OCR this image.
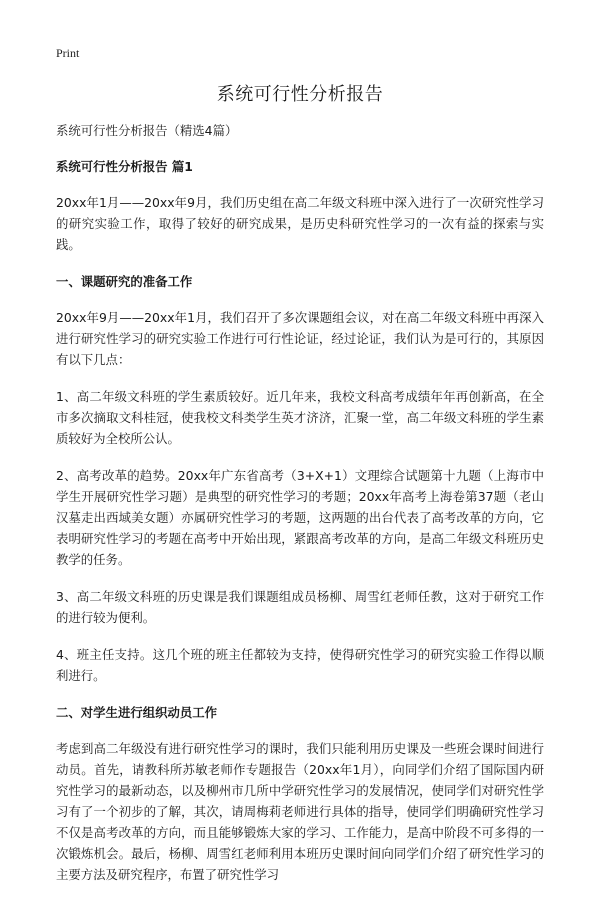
Print
系统可行性分析报告

系统可行性分析报告（精选4篇）

系统可行性分析报告 篇1

20xx年1月——20xx年9月，我们历史组在高二年级文科班中深入进行了一次研究性学习的研究实验工作，取得了较好的研究成果，是历史科研究性学习的一次有益的探索与实践。

一、课题研究的准备工作

20xx年9月——20xx年1月，我们召开了多次课题组会议，对在高二年级文科班中再深入进行研究性学习的研究实验工作进行可行性论证，经过论证，我们认为是可行的，其原因有以下几点：

1、高二年级文科班的学生素质较好。近几年来，我校文科高考成绩年年再创新高，在全市多次摘取文科桂冠，使我校文科类学生英才济济，汇聚一堂，高二年级文科班的学生素质较好为全校所公认。

2、高考改革的趋势。20xx年广东省高考（3+X+1）文理综合试题第十九题（上海市中学生开展研究性学习题）是典型的研究性学习的考题；20xx年高考上海卷第37题（老山汉墓走出西域美女题）亦属研究性学习的考题，这两题的出台代表了高考改革的方向，它表明研究性学习的考题在高考中开始出现，紧跟高考改革的方向，是高二年级文科班历史教学的任务。

3、高二年级文科班的历史课是我们课题组成员杨柳、周雪红老师任教，这对于研究工作的进行较为便利。

4、班主任支持。这几个班的班主任都较为支持，使得研究性学习的研究实验工作得以顺利进行。

二、对学生进行组织动员工作

考虑到高二年级没有进行研究性学习的课时，我们只能利用历史课及一些班会课时间进行动员。首先，请教科所苏敏老师作专题报告（20xx年1月），向同学们介绍了国际国内研究性学习的最新动态，以及柳州市几所中学研究性学习的发展情况，使同学们对研究性学习有了一个初步的了解，其次，请周梅莉老师进行具体的指导，使同学们明确研究性学习不仅是高考改革的方向，而且能够锻炼大家的学习、工作能力，是高中阶段不可多得的一次锻炼机会。最后，杨柳、周雪红老师利用本班历史课时间向同学们介绍了研究性学习的主要方法及研究程序，布置了研究性学习
